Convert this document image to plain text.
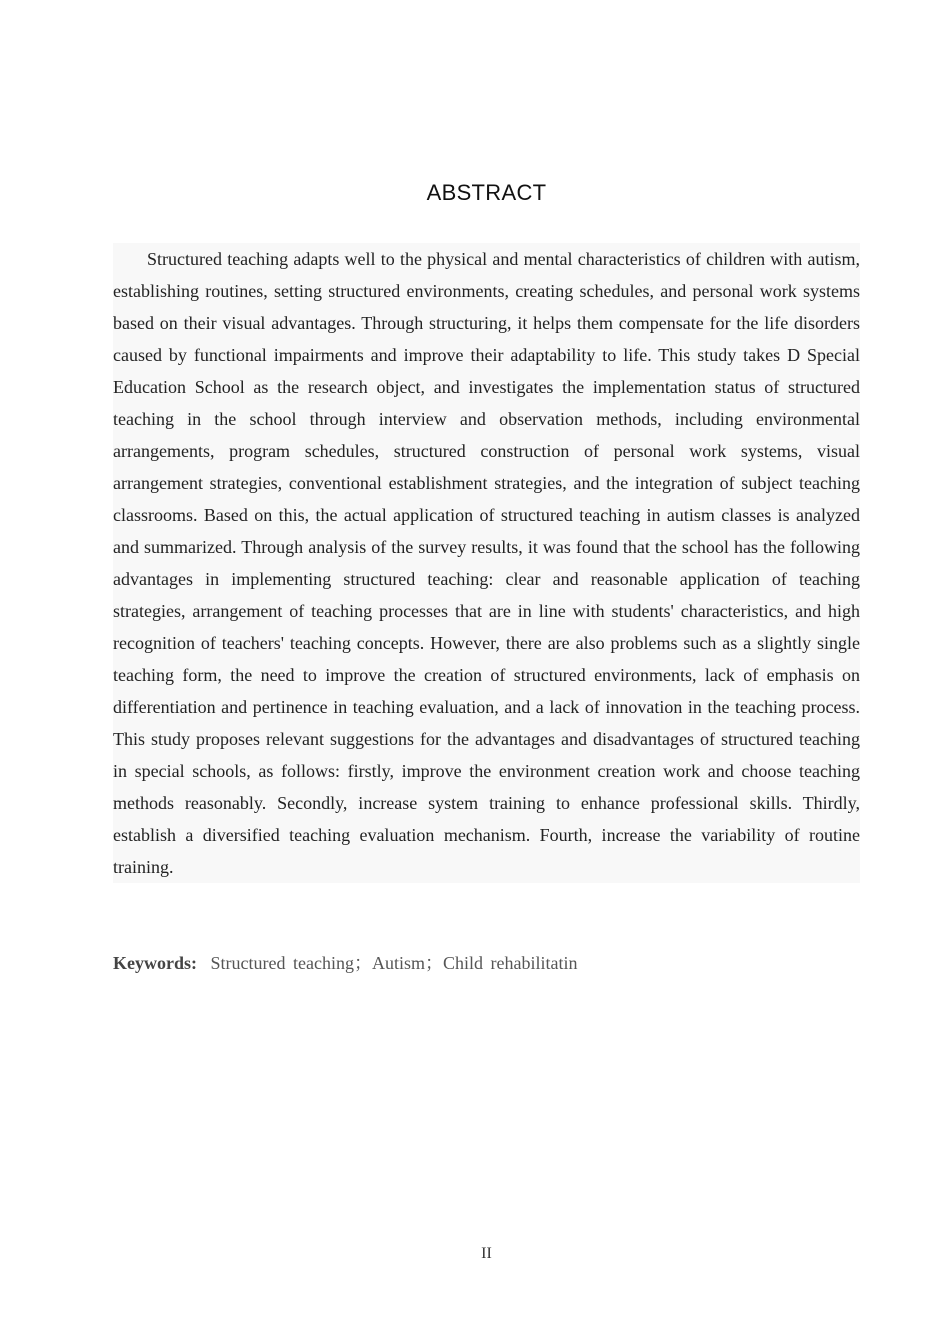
ABSTRACT

Structured teaching adapts well to the physical and mental characteristics of children with autism, establishing routines, setting structured environments, creating schedules, and personal work systems based on their visual advantages. Through structuring, it helps them compensate for the life disorders caused by functional impairments and improve their adaptability to life. This study takes D Special Education School as the research object, and investigates the implementation status of structured teaching in the school through interview and observation methods, including environmental arrangements, program schedules, structured construction of personal work systems, visual arrangement strategies, conventional establishment strategies, and the integration of subject teaching classrooms. Based on this, the actual application of structured teaching in autism classes is analyzed and summarized. Through analysis of the survey results, it was found that the school has the following advantages in implementing structured teaching: clear and reasonable application of teaching strategies, arrangement of teaching processes that are in line with students' characteristics, and high recognition of teachers' teaching concepts. However, there are also problems such as a slightly single teaching form, the need to improve the creation of structured environments, lack of emphasis on differentiation and pertinence in teaching evaluation, and a lack of innovation in the teaching process. This study proposes relevant suggestions for the advantages and disadvantages of structured teaching in special schools, as follows: firstly, improve the environment creation work and choose teaching methods reasonably. Secondly, increase system training to enhance professional skills. Thirdly, establish a diversified teaching evaluation mechanism. Fourth, increase the variability of routine training.

Keywords: Structured teaching；Autism；Child rehabilitatin

II
